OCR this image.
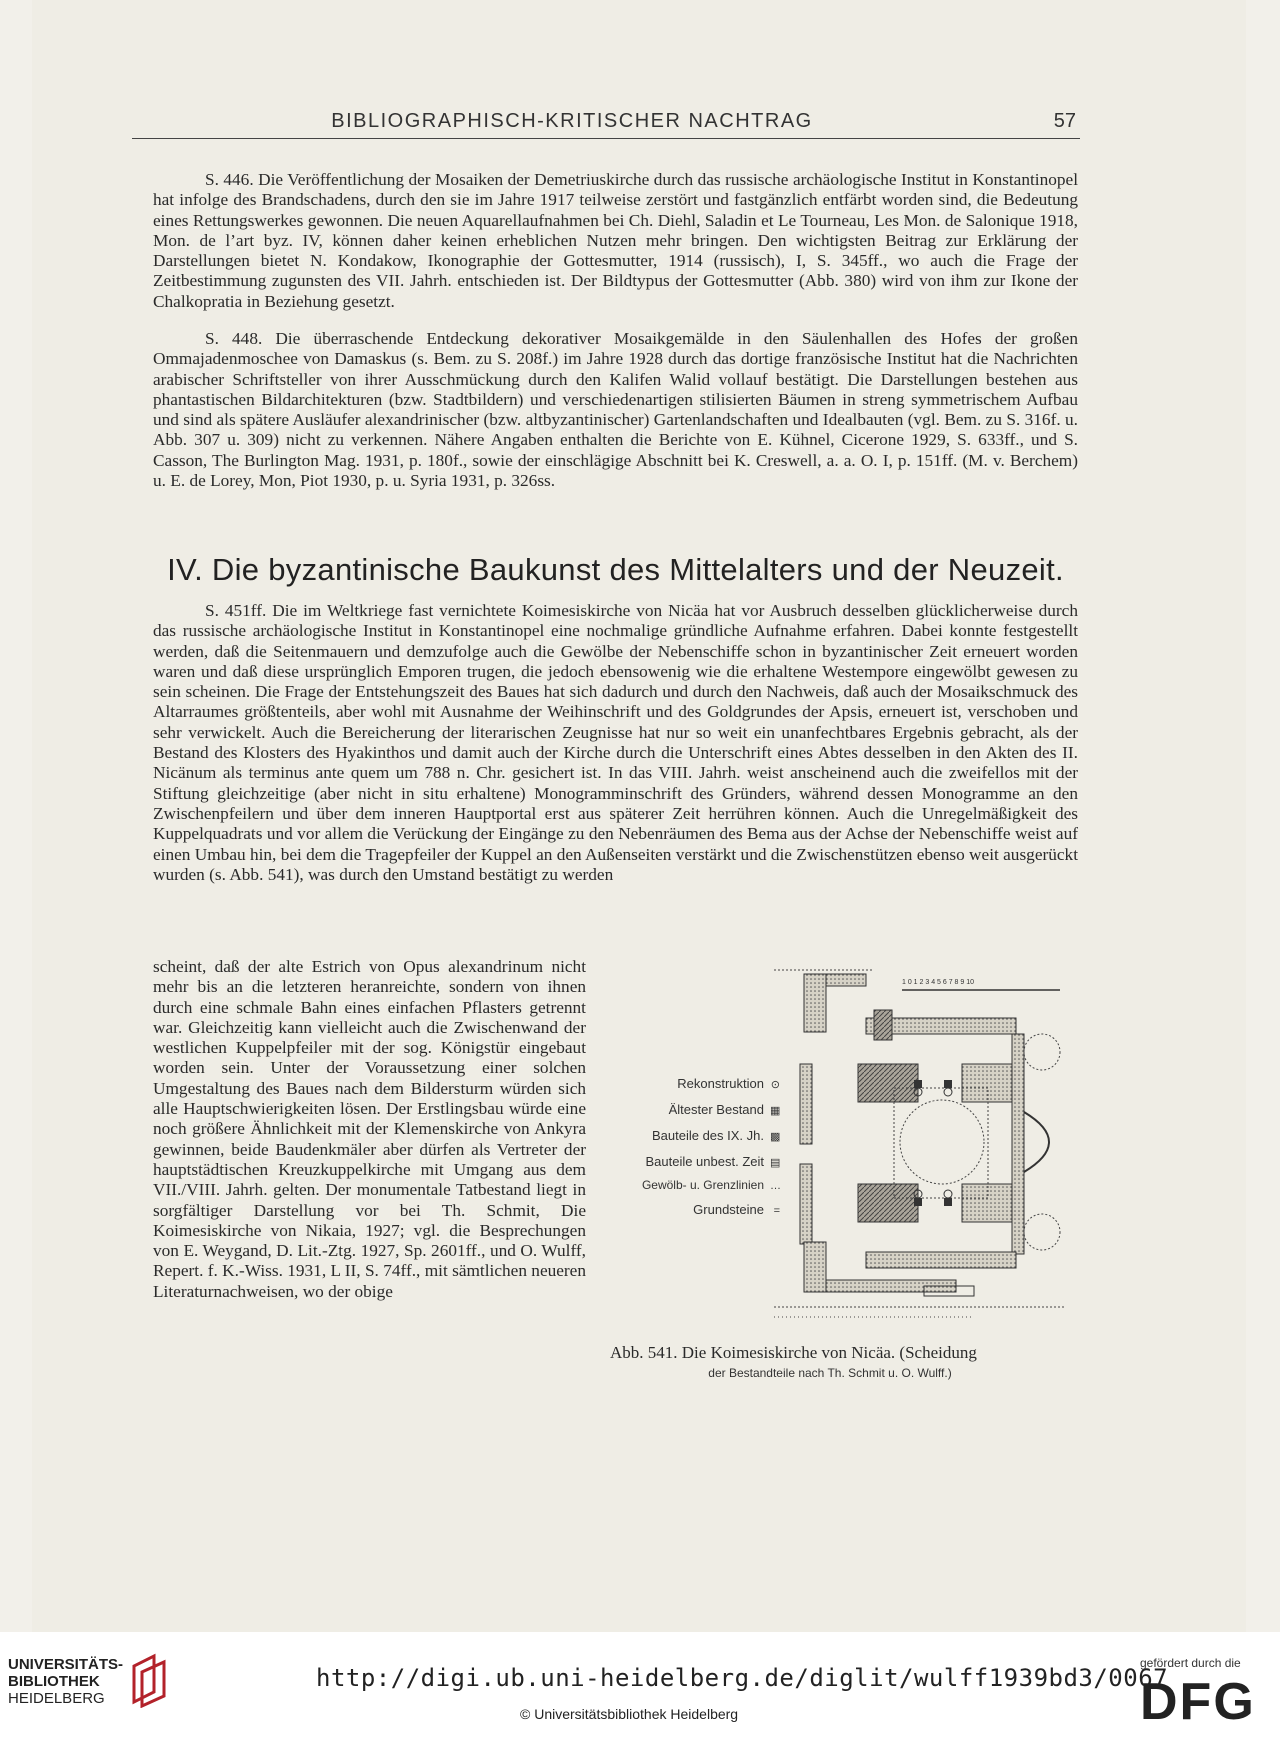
BIBLIOGRAPHISCH-KRITISCHER NACHTRAG	57

S. 446. Die Veröffentlichung der Mosaiken der Demetriuskirche durch das russische archäologische Institut in Konstantinopel hat infolge des Brandschadens, durch den sie im Jahre 1917 teilweise zerstört und fastgänzlich entfärbt worden sind, die Bedeutung eines Rettungswerkes gewonnen. Die neuen Aquarellaufnahmen bei Ch. Diehl, Saladin et Le Tourneau, Les Mon. de Salonique 1918, Mon. de l’art byz. IV, können daher keinen erheblichen Nutzen mehr bringen. Den wichtigsten Beitrag zur Erklärung der Darstellungen bietet N. Kondakow, Ikonographie der Gottesmutter, 1914 (russisch), I, S. 345ff., wo auch die Frage der Zeitbestimmung zugunsten des VII. Jahrh. entschieden ist. Der Bildtypus der Gottesmutter (Abb. 380) wird von ihm zur Ikone der Chalkopratia in Beziehung gesetzt.

S. 448. Die überraschende Entdeckung dekorativer Mosaikgemälde in den Säulenhallen des Hofes der großen Ommajadenmoschee von Damaskus (s. Bem. zu S. 208f.) im Jahre 1928 durch das dortige französische Institut hat die Nachrichten arabischer Schriftsteller von ihrer Ausschmückung durch den Kalifen Walid vollauf bestätigt. Die Darstellungen bestehen aus phantastischen Bildarchitekturen (bzw. Stadtbildern) und verschiedenartigen stilisierten Bäumen in streng symmetrischem Aufbau und sind als spätere Ausläufer alexandrinischer (bzw. altbyzantinischer) Gartenlandschaften und Idealbauten (vgl. Bem. zu S. 316f. u. Abb. 307 u. 309) nicht zu verkennen. Nähere Angaben enthalten die Berichte von E. Kühnel, Cicerone 1929, S. 633ff., und S. Casson, The Burlington Mag. 1931, p. 180f., sowie der einschlägige Abschnitt bei K. Creswell, a. a. O. I, p. 151ff. (M. v. Berchem) u. E. de Lorey, Mon, Piot 1930, p. u. Syria 1931, p. 326ss.

IV. Die byzantinische Baukunst des Mittelalters und der Neuzeit.

S. 451ff. Die im Weltkriege fast vernichtete Koimesiskirche von Nicäa hat vor Ausbruch desselben glücklicherweise durch das russische archäologische Institut in Konstantinopel eine nochmalige gründliche Aufnahme erfahren. Dabei konnte festgestellt werden, daß die Seitenmauern und demzufolge auch die Gewölbe der Nebenschiffe schon in byzantinischer Zeit erneuert worden waren und daß diese ursprünglich Emporen trugen, die jedoch ebensowenig wie die erhaltene Westempore eingewölbt gewesen zu sein scheinen. Die Frage der Entstehungszeit des Baues hat sich dadurch und durch den Nachweis, daß auch der Mosaikschmuck des Altarraumes größtenteils, aber wohl mit Ausnahme der Weihinschrift und des Goldgrundes der Apsis, erneuert ist, verschoben und sehr verwickelt. Auch die Bereicherung der literarischen Zeugnisse hat nur so weit ein unanfechtbares Ergebnis gebracht, als der Bestand des Klosters des Hyakinthos und damit auch der Kirche durch die Unterschrift eines Abtes desselben in den Akten des II. Nicänum als terminus ante quem um 788 n. Chr. gesichert ist. In das VIII. Jahrh. weist anscheinend auch die zweifellos mit der Stiftung gleichzeitige (aber nicht in situ erhaltene) Monogramminschrift des Gründers, während dessen Monogramme an den Zwischenpfeilern und über dem inneren Hauptportal erst aus späterer Zeit herrühren können. Auch die Unregelmäßigkeit des Kuppelquadrats und vor allem die Verückung der Eingänge zu den Nebenräumen des Bema aus der Achse der Nebenschiffe weist auf einen Umbau hin, bei dem die Tragepfeiler der Kuppel an den Außenseiten verstärkt und die Zwischenstützen ebenso weit ausgerückt wurden (s. Abb. 541), was durch den Umstand bestätigt zu werden

scheint, daß der alte Estrich von Opus alexandrinum nicht mehr bis an die letzteren heranreichte, sondern von ihnen durch eine schmale Bahn eines einfachen Pflasters getrennt war. Gleichzeitig kann vielleicht auch die Zwischenwand der westlichen Kuppelpfeiler mit der sog. Königstür eingebaut worden sein. Unter der Voraussetzung einer solchen Umgestaltung des Baues nach dem Bildersturm würden sich alle Hauptschwierigkeiten lösen. Der Erstlingsbau würde eine noch größere Ähnlichkeit mit der Klemenskirche von Ankyra gewinnen, beide Baudenkmäler aber dürfen als Vertreter der hauptstädtischen Kreuzkuppelkirche mit Umgang aus dem VII./VIII. Jahrh. gelten. Der monumentale Tatbestand liegt in sorgfältiger Darstellung vor bei Th. Schmit, Die Koimesiskirche von Nikaia, 1927; vgl. die Besprechungen von E. Weygand, D. Lit.-Ztg. 1927, Sp. 2601ff., und O. Wulff, Repert. f. K.-Wiss. 1931, L II, S. 74ff., mit sämtlichen neueren Literaturnachweisen, wo der obige

Rekonstruktion ⊙
Ältester Bestand ▦
Bauteile des IX. Jh. ▩
Bauteile unbest. Zeit ▤
Gewölb- u. Grenzlinien …
Grundsteine =
1 0 1 2 3 4 5 6 7 8 9 10
Abb. 541. Die Koimesiskirche von Nicäa. (Scheidung
der Bestandteile nach Th. Schmit u. O. Wulff.)
UNIVERSITÄTS-
BIBLIOTHEK
HEIDELBERG
http://digi.ub.uni-heidelberg.de/diglit/wulff1939bd3/0067
© Universitätsbibliothek Heidelberg
gefördert durch die
DFG
